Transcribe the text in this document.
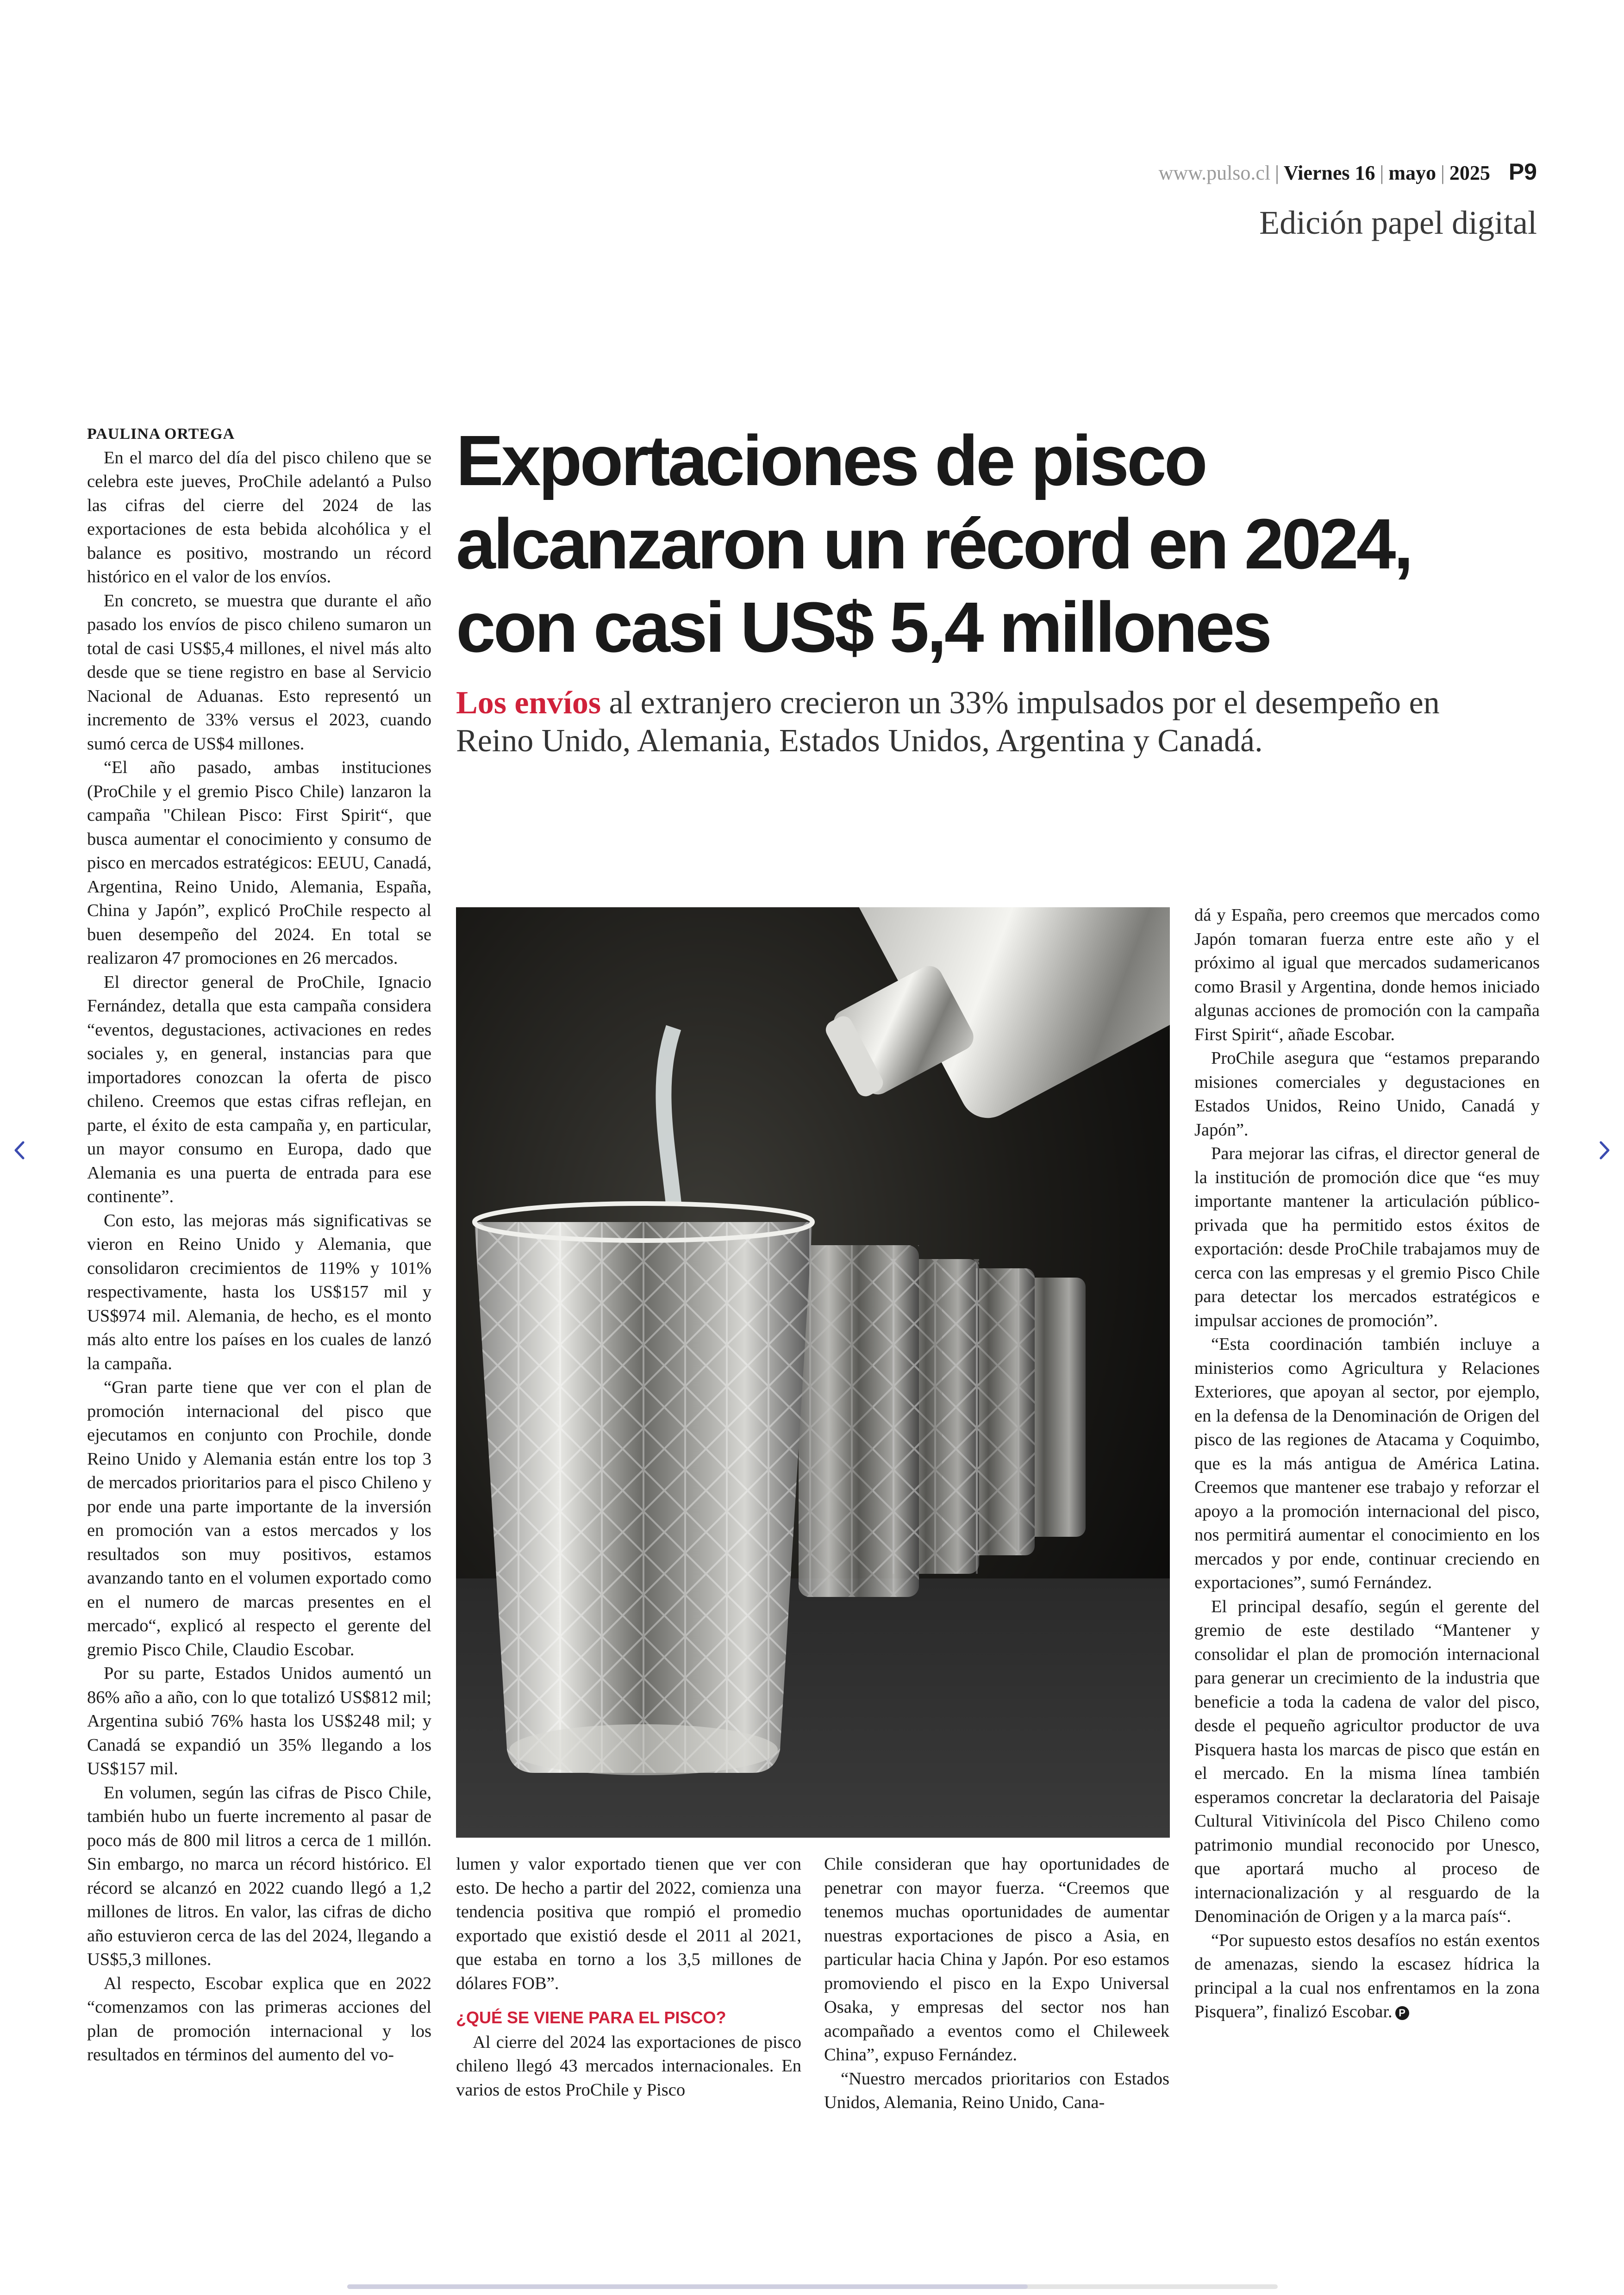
www.pulso.cl | Viernes 16 | mayo | 2025 P9
Edición papel digital
Exportaciones de pisco
alcanzaron un récord en 2024,
con casi US$ 5,4 millones

Los envíos al extranjero crecieron un 33% impulsados por el desempeño en Reino Unido, Alemania, Estados Unidos, Argentina y Canadá.

PAULINA ORTEGA

En el marco del día del pisco chileno que se celebra este jueves, ProChile adelantó a Pulso las cifras del cierre del 2024 de las exportaciones de esta bebida alcohólica y el balance es positivo, mostrando un récord histórico en el valor de los envíos.

En concreto, se muestra que durante el año pasado los envíos de pisco chileno sumaron un total de casi US$5,4 millones, el nivel más alto desde que se tiene registro en base al Servicio Nacional de Aduanas. Esto representó un incremento de 33% versus el 2023, cuando sumó cerca de US$4 millones.

“El año pasado, ambas instituciones (ProChile y el gremio Pisco Chile) lanzaron la campaña "Chilean Pisco: First Spirit“, que busca aumentar el conocimiento y consumo de pisco en mercados estratégicos: EEUU, Canadá, Argentina, Reino Unido, Alemania, España, China y Japón”, explicó ProChile respecto al buen desempeño del 2024. En total se realizaron 47 promociones en 26 mercados.

El director general de ProChile, Ignacio Fernández, detalla que esta campaña considera “eventos, degustaciones, activaciones en redes sociales y, en general, instancias para que importadores conozcan la oferta de pisco chileno. Creemos que estas cifras reflejan, en parte, el éxito de esta campaña y, en particular, un mayor consumo en Europa, dado que Alemania es una puerta de entrada para ese continente”.

Con esto, las mejoras más significativas se vieron en Reino Unido y Alemania, que consolidaron crecimientos de 119% y 101% respectivamente, hasta los US$157 mil y US$974 mil. Alemania, de hecho, es el monto más alto entre los países en los cuales de lanzó la campaña.

“Gran parte tiene que ver con el plan de promoción internacional del pisco que ejecutamos en conjunto con Prochile, donde Reino Unido y Alemania están entre los top 3 de mercados prioritarios para el pisco Chileno y por ende una parte importante de la inversión en promoción van a estos mercados y los resultados son muy positivos, estamos avanzando tanto en el volumen exportado como en el numero de marcas presentes en el mercado“, explicó al respecto el gerente del gremio Pisco Chile, Claudio Escobar.

Por su parte, Estados Unidos aumentó un 86% año a año, con lo que totalizó US$812 mil; Argentina subió 76% hasta los US$248 mil; y Canadá se expandió un 35% llegando a los US$157 mil.

En volumen, según las cifras de Pisco Chile, también hubo un fuerte incremento al pasar de poco más de 800 mil litros a cerca de 1 millón. Sin embargo, no marca un récord histórico. El récord se alcanzó en 2022 cuando llegó a 1,2 millones de litros. En valor, las cifras de dicho año estuvieron cerca de las del 2024, llegando a US$5,3 millones.

Al respecto, Escobar explica que en 2022 “comenzamos con las primeras acciones del plan de promoción internacional y los resultados en términos del aumento del vo-

lumen y valor exportado tienen que ver con esto. De hecho a partir del 2022, comienza una tendencia positiva que rompió el promedio exportado que existió desde el 2011 al 2021, que estaba en torno a los 3,5 millones de dólares FOB”.

¿QUÉ SE VIENE PARA EL PISCO?

Al cierre del 2024 las exportaciones de pisco chileno llegó 43 mercados internacionales. En varios de estos ProChile y Pisco

Chile consideran que hay oportunidades de penetrar con mayor fuerza. “Creemos que tenemos muchas oportunidades de aumentar nuestras exportaciones de pisco a Asia, en particular hacia China y Japón. Por eso estamos promoviendo el pisco en la Expo Universal Osaka, y empresas del sector nos han acompañado a eventos como el Chileweek China”, expuso Fernández.

“Nuestro mercados prioritarios con Estados Unidos, Alemania, Reino Unido, Cana-

dá y España, pero creemos que mercados como Japón tomaran fuerza entre este año y el próximo al igual que mercados sudamericanos como Brasil y Argentina, donde hemos iniciado algunas acciones de promoción con la campaña First Spirit“, añade Escobar.

ProChile asegura que “estamos preparando misiones comerciales y degustaciones en Estados Unidos, Reino Unido, Canadá y Japón”.

Para mejorar las cifras, el director general de la institución de promoción dice que “es muy importante mantener la articulación público-privada que ha permitido estos éxitos de exportación: desde ProChile trabajamos muy de cerca con las empresas y el gremio Pisco Chile para detectar los mercados estratégicos e impulsar acciones de promoción”.

“Esta coordinación también incluye a ministerios como Agricultura y Relaciones Exteriores, que apoyan al sector, por ejemplo, en la defensa de la Denominación de Origen del pisco de las regiones de Atacama y Coquimbo, que es la más antigua de América Latina. Creemos que mantener ese trabajo y reforzar el apoyo a la promoción internacional del pisco, nos permitirá aumentar el conocimiento en los mercados y por ende, continuar creciendo en exportaciones”, sumó Fernández.

El principal desafío, según el gerente del gremio de este destilado “Mantener y consolidar el plan de promoción internacional para generar un crecimiento de la industria que beneficie a toda la cadena de valor del pisco, desde el pequeño agricultor productor de uva Pisquera hasta los marcas de pisco que están en el mercado. En la misma línea también esperamos concretar la declaratoria del Paisaje Cultural Vitivinícola del Pisco Chileno como patrimonio mundial reconocido por Unesco, que aportará mucho al proceso de internacionalización y al resguardo de la Denominación de Origen y a la marca país“.

“Por supuesto estos desafíos no están exentos de amenazas, siendo la escasez hídrica la principal a la cual nos enfrentamos en la zona Pisquera”, finalizó Escobar. P
